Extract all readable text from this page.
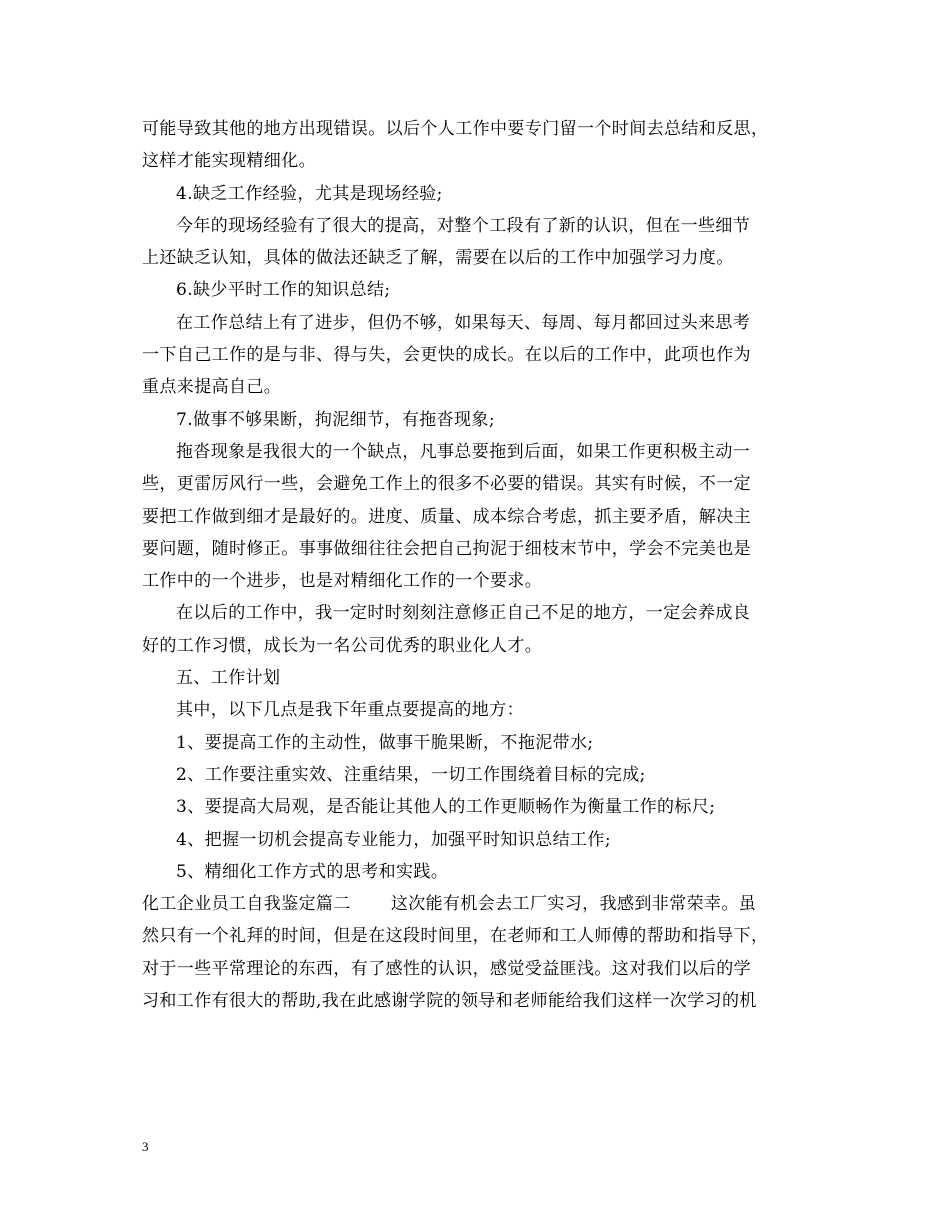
可能导致其他的地方出现错误。以后个人工作中要专门留一个时间去总结和反思，
这样才能实现精细化。
4.缺乏工作经验，尤其是现场经验;
今年的现场经验有了很大的提高，对整个工段有了新的认识，但在一些细节
上还缺乏认知，具体的做法还缺乏了解，需要在以后的工作中加强学习力度。
6.缺少平时工作的知识总结;
在工作总结上有了进步，但仍不够，如果每天、每周、每月都回过头来思考
一下自己工作的是与非、得与失，会更快的成长。在以后的工作中，此项也作为
重点来提高自己。
7.做事不够果断，拘泥细节，有拖沓现象;
拖沓现象是我很大的一个缺点，凡事总要拖到后面，如果工作更积极主动一
些，更雷厉风行一些，会避免工作上的很多不必要的错误。其实有时候，不一定
要把工作做到细才是最好的。进度、质量、成本综合考虑，抓主要矛盾，解决主
要问题，随时修正。事事做细往往会把自己拘泥于细枝末节中，学会不完美也是
工作中的一个进步，也是对精细化工作的一个要求。
在以后的工作中，我一定时时刻刻注意修正自己不足的地方，一定会养成良
好的工作习惯，成长为一名公司优秀的职业化人才。
五、工作计划
其中，以下几点是我下年重点要提高的地方：
1、要提高工作的主动性，做事干脆果断，不拖泥带水;
2、工作要注重实效、注重结果，一切工作围绕着目标的完成;
3、要提高大局观，是否能让其他人的工作更顺畅作为衡量工作的标尺;
4、把握一切机会提高专业能力，加强平时知识总结工作;
5、精细化工作方式的思考和实践。
化工企业员工自我鉴定篇二 这次能有机会去工厂实习，我感到非常荣幸。虽
然只有一个礼拜的时间，但是在这段时间里，在老师和工人师傅的帮助和指导下，
对于一些平常理论的东西，有了感性的认识，感觉受益匪浅。这对我们以后的学
习和工作有很大的帮助,我在此感谢学院的领导和老师能给我们这样一次学习的机
3
